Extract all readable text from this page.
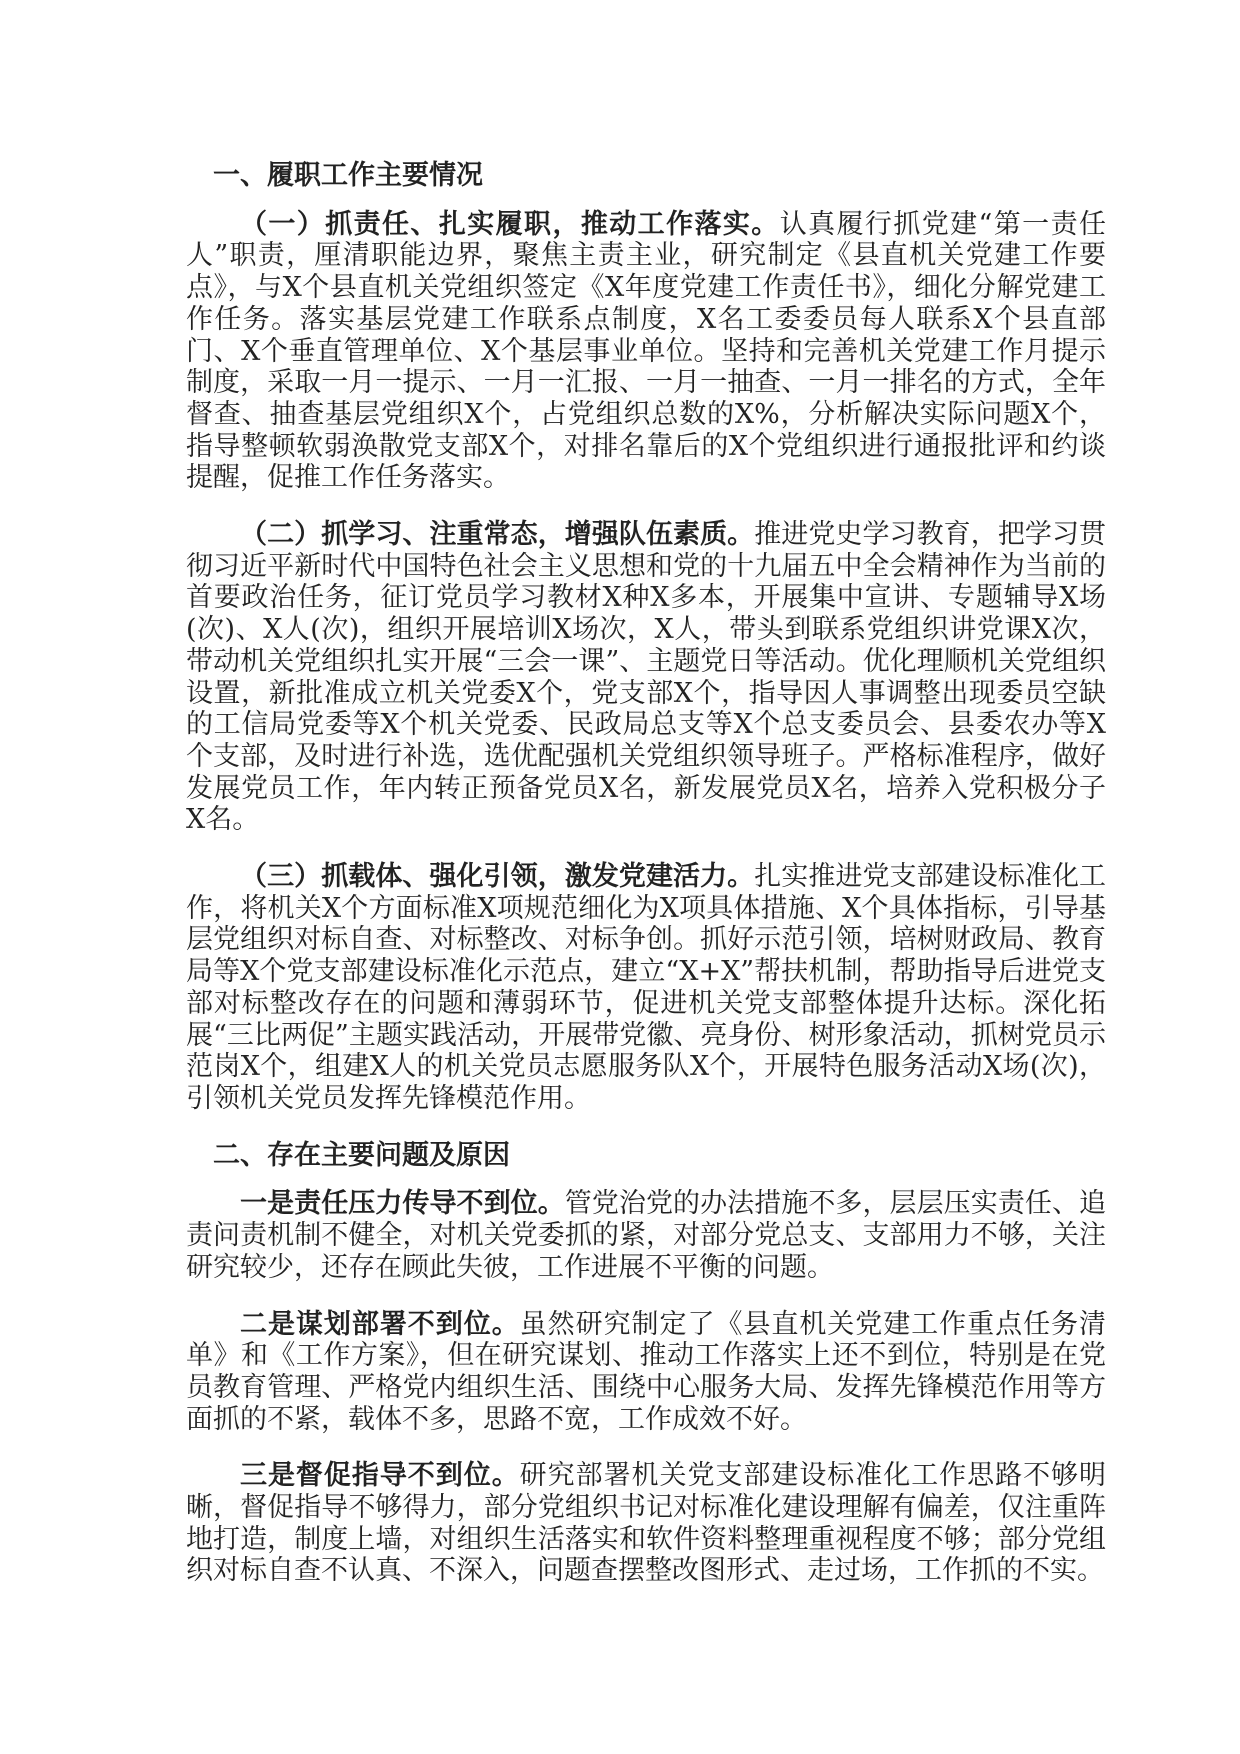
一、履职工作主要情况

（一）抓责任、扎实履职，推动工作落实。认真履行抓党建“第一责任人”职责，厘清职能边界，聚焦主责主业，研究制定《县直机关党建工作要点》，与X个县直机关党组织签定《X年度党建工作责任书》，细化分解党建工作任务。落实基层党建工作联系点制度，X名工委委员每人联系X个县直部门、X个垂直管理单位、X个基层事业单位。坚持和完善机关党建工作月提示制度，采取一月一提示、一月一汇报、一月一抽查、一月一排名的方式，全年督查、抽查基层党组织X个，占党组织总数的X%，分析解决实际问题X个，指导整顿软弱涣散党支部X个，对排名靠后的X个党组织进行通报批评和约谈提醒，促推工作任务落实。

（二）抓学习、注重常态，增强队伍素质。推进党史学习教育，把学习贯彻习近平新时代中国特色社会主义思想和党的十九届五中全会精神作为当前的首要政治任务，征订党员学习教材X种X多本，开展集中宣讲、专题辅导X场(次)、X人(次)，组织开展培训X场次，X人，带头到联系党组织讲党课X次，带动机关党组织扎实开展“三会一课”、主题党日等活动。优化理顺机关党组织设置，新批准成立机关党委X个，党支部X个，指导因人事调整出现委员空缺的工信局党委等X个机关党委、民政局总支等X个总支委员会、县委农办等X个支部，及时进行补选，选优配强机关党组织领导班子。严格标准程序，做好发展党员工作，年内转正预备党员X名，新发展党员X名，培养入党积极分子X名。

（三）抓载体、强化引领，激发党建活力。扎实推进党支部建设标准化工作，将机关X个方面标准X项规范细化为X项具体措施、X个具体指标，引导基层党组织对标自查、对标整改、对标争创。抓好示范引领，培树财政局、教育局等X个党支部建设标准化示范点，建立“X+X”帮扶机制，帮助指导后进党支部对标整改存在的问题和薄弱环节，促进机关党支部整体提升达标。深化拓展“三比两促”主题实践活动，开展带党徽、亮身份、树形象活动，抓树党员示范岗X个，组建X人的机关党员志愿服务队X个，开展特色服务活动X场(次)，引领机关党员发挥先锋模范作用。

二、存在主要问题及原因

一是责任压力传导不到位。管党治党的办法措施不多，层层压实责任、追责问责机制不健全，对机关党委抓的紧，对部分党总支、支部用力不够，关注研究较少，还存在顾此失彼，工作进展不平衡的问题。

二是谋划部署不到位。虽然研究制定了《县直机关党建工作重点任务清单》和《工作方案》，但在研究谋划、推动工作落实上还不到位，特别是在党员教育管理、严格党内组织生活、围绕中心服务大局、发挥先锋模范作用等方面抓的不紧，载体不多，思路不宽，工作成效不好。

三是督促指导不到位。研究部署机关党支部建设标准化工作思路不够明晰，督促指导不够得力，部分党组织书记对标准化建设理解有偏差，仅注重阵地打造，制度上墙，对组织生活落实和软件资料整理重视程度不够；部分党组织对标自查不认真、不深入，问题查摆整改图形式、走过场，工作抓的不实。
